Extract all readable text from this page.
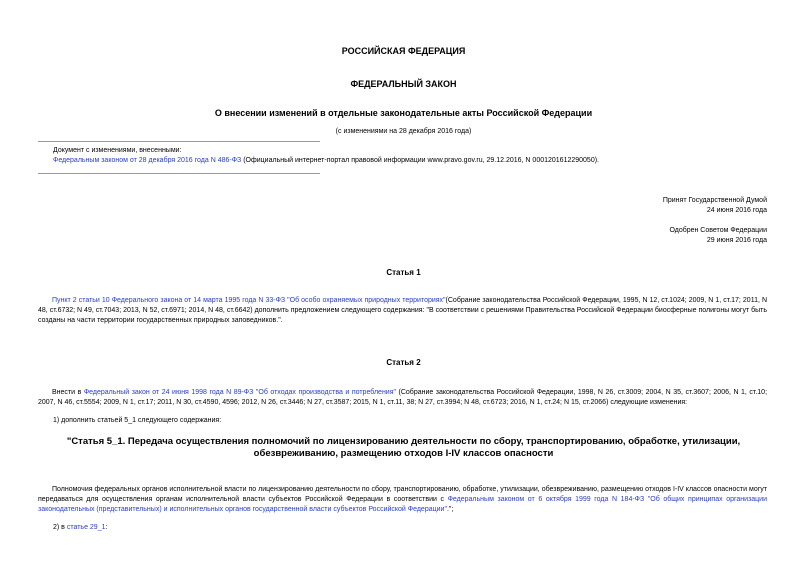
РОССИЙСКАЯ ФЕДЕРАЦИЯ
ФЕДЕРАЛЬНЫЙ ЗАКОН
О внесении изменений в отдельные законодательные акты Российской Федерации
(с изменениями на 28 декабря 2016 года)
Документ с изменениями, внесенными:
Федеральным законом от 28 декабря 2016 года N 486-ФЗ (Официальный интернет-портал правовой информации www.pravo.gov.ru, 29.12.2016, N 0001201612290050).
Принят Государственной Думой
24 июня 2016 года
Одобрен Советом Федерации
29 июня 2016 года
Статья 1
Пункт 2 статьи 10 Федерального закона от 14 марта 1995 года N 33-ФЗ "Об особо охраняемых природных территориях"(Собрание законодательства Российской Федерации, 1995, N 12, ст.1024; 2009, N 1, ст.17; 2011, N 48, ст.6732; N 49, ст.7043; 2013, N 52, ст.6971; 2014, N 48, ст.6642) дополнить предложением следующего содержания: "В соответствии с решениями Правительства Российской Федерации биосферные полигоны могут быть созданы на части территории государственных природных заповедников.".
Статья 2
Внести в Федеральный закон от 24 июня 1998 года N 89-ФЗ "Об отходах производства и потребления" (Собрание законодательства Российской Федерации, 1998, N 26, ст.3009; 2004, N 35, ст.3607; 2006, N 1, ст.10; 2007, N 46, ст.5554; 2009, N 1, ст.17; 2011, N 30, ст.4590, 4596; 2012, N 26, ст.3446; N 27, ст.3587; 2015, N 1, ст.11, 38; N 27, ст.3994; N 48, ст.6723; 2016, N 1, ст.24; N 15, ст.2066) следующие изменения:
1) дополнить статьей 5_1 следующего содержания:
"Статья 5_1. Передача осуществления полномочий по лицензированию деятельности по сбору, транспортированию, обработке, утилизации, обезвреживанию, размещению отходов I-IV классов опасности
Полномочия федеральных органов исполнительной власти по лицензированию деятельности по сбору, транспортированию, обработке, утилизации, обезвреживанию, размещению отходов I-IV классов опасности могут передаваться для осуществления органам исполнительной власти субъектов Российской Федерации в соответствии с Федеральным законом от 6 октября 1999 года N 184-ФЗ "Об общих принципах организации законодательных (представительных) и исполнительных органов государственной власти субъектов Российской Федерации".";
2) в статье 29_1:
